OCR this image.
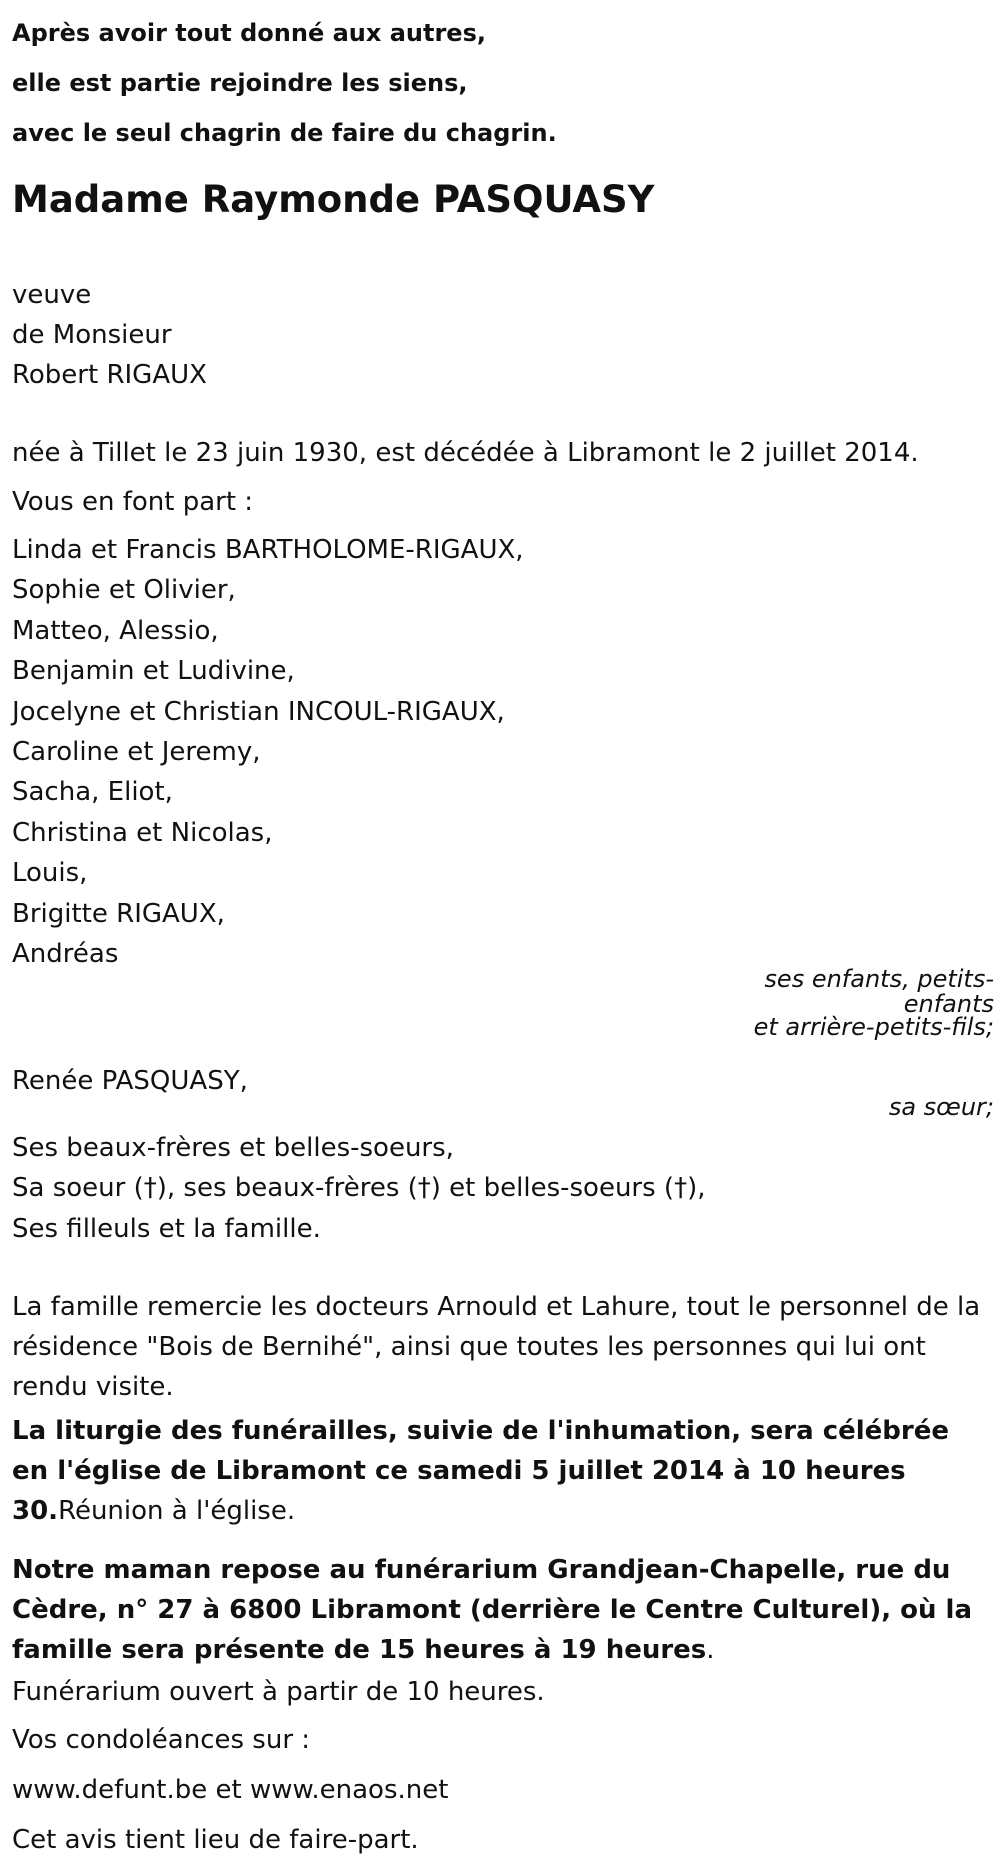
Après avoir tout donné aux autres,
elle est partie rejoindre les siens,
avec le seul chagrin de faire du chagrin.
Madame Raymonde PASQUASY
veuve
de Monsieur
Robert RIGAUX
née à Tillet le 23 juin 1930, est décédée à Libramont le 2 juillet 2014.
Vous en font part :
Linda et Francis BARTHOLOME-RIGAUX,
Sophie et Olivier,
Matteo, Alessio,
Benjamin et Ludivine,
Jocelyne et Christian INCOUL-RIGAUX,
Caroline et Jeremy,
Sacha, Eliot,
Christina et Nicolas,
Louis,
Brigitte RIGAUX,
Andréas
ses enfants, petits-
enfants
et arrière-petits-fils;
Renée PASQUASY,
sa sœur;
Ses beaux-frères et belles-soeurs,
Sa soeur (†), ses beaux-frères (†) et belles-soeurs (†),
Ses filleuls et la famille.
La famille remercie les docteurs Arnould et Lahure, tout le personnel de la résidence "Bois de Bernihé", ainsi que toutes les personnes qui lui ont rendu visite.
La liturgie des funérailles, suivie de l'inhumation, sera célébrée en l'église de Libramont ce samedi 5 juillet 2014 à 10 heures 30.Réunion à l'église.
Notre maman repose au funérarium Grandjean-Chapelle, rue du Cèdre, n° 27 à 6800 Libramont (derrière le Centre Culturel), où la famille sera présente de 15 heures à 19 heures.
Funérarium ouvert à partir de 10 heures.
Vos condoléances sur :
www.defunt.be et www.enaos.net
Cet avis tient lieu de faire-part.
